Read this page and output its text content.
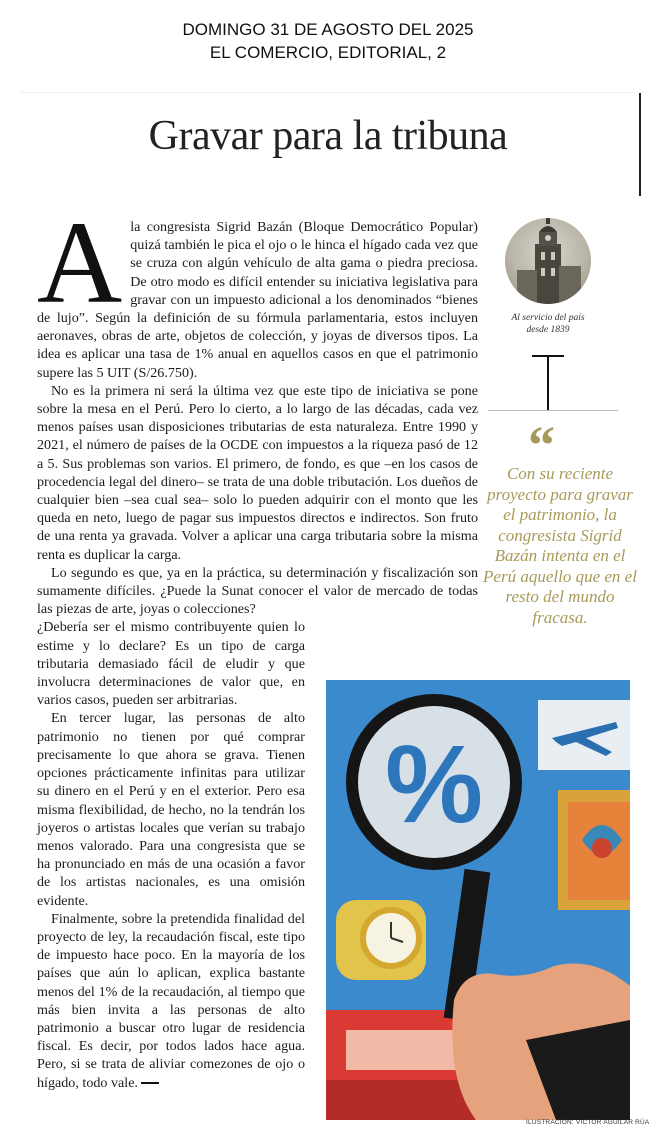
DOMINGO 31 DE AGOSTO DEL 2025
EL COMERCIO, EDITORIAL, 2
Gravar para la tribuna

A la congresista Sigrid Bazán (Bloque Democrático Popular) quizá también le pica el ojo o le hinca el hígado cada vez que se cruza con algún vehículo de alta gama o piedra preciosa. De otro modo es difícil entender su iniciativa legislativa para gravar con un impuesto adicional a los denominados “bienes de lujo”. Según la definición de su fórmula parlamentaria, estos incluyen aeronaves, obras de arte, objetos de colección, y joyas de diversos tipos. La idea es aplicar una tasa de 1% anual en aquellos casos en que el patrimonio supere las 5 UIT (S/26.750).

No es la primera ni será la última vez que este tipo de iniciativa se pone sobre la mesa en el Perú. Pero lo cierto, a lo largo de las décadas, cada vez menos países usan disposiciones tributarias de esta naturaleza. Entre 1990 y 2021, el número de países de la OCDE con impuestos a la riqueza pasó de 12 a 5. Sus problemas son varios. El primero, de fondo, es que –en los casos de procedencia legal del dinero– se trata de una doble tributación. Los dueños de cualquier bien –sea cual sea– solo lo pueden adquirir con el monto que les queda en neto, luego de pagar sus impuestos directos e indirectos. Son fruto de una renta ya gravada. Volver a aplicar una carga tributaria sobre la misma renta es duplicar la carga.

Lo segundo es que, ya en la práctica, su determinación y fiscalización son sumamente difíciles. ¿Puede la Sunat conocer el valor de mercado de todas las piezas de arte, joyas o colecciones?

¿Debería ser el mismo contribuyente quien lo estime y lo declare? Es un tipo de carga tributaria demasiado fácil de eludir y que involucra determinaciones de valor que, en varios casos, pueden ser arbitrarias.

En tercer lugar, las personas de alto patrimonio no tienen por qué comprar precisamente lo que ahora se grava. Tienen opciones prácticamente infinitas para utilizar su dinero en el Perú y en el exterior. Pero esa misma flexibilidad, de hecho, no la tendrán los joyeros o artistas locales que verían su trabajo menos valorado. Para una congresista que se ha pronunciado en más de una ocasión a favor de los artistas nacionales, es una omisión evidente.

Finalmente, sobre la pretendida finalidad del proyecto de ley, la recaudación fiscal, este tipo de impuesto hace poco. En la mayoría de los países que aún lo aplican, explica bastante menos del 1% de la recaudación, al tiempo que más bien invita a las personas de alto patrimonio a buscar otro lugar de residencia fiscal. Es decir, por todos lados hace agua. Pero, si se trata de aliviar comezones de ojo o hígado, todo vale.

Al servicio del país desde 1839
“
Con su reciente proyecto para gravar el patrimonio, la congresista Sigrid Bazán intenta en el Perú aquello que en el resto del mundo fracasa.
%
ILUSTRACIÓN: VÍCTOR AGUILAR RÚA
